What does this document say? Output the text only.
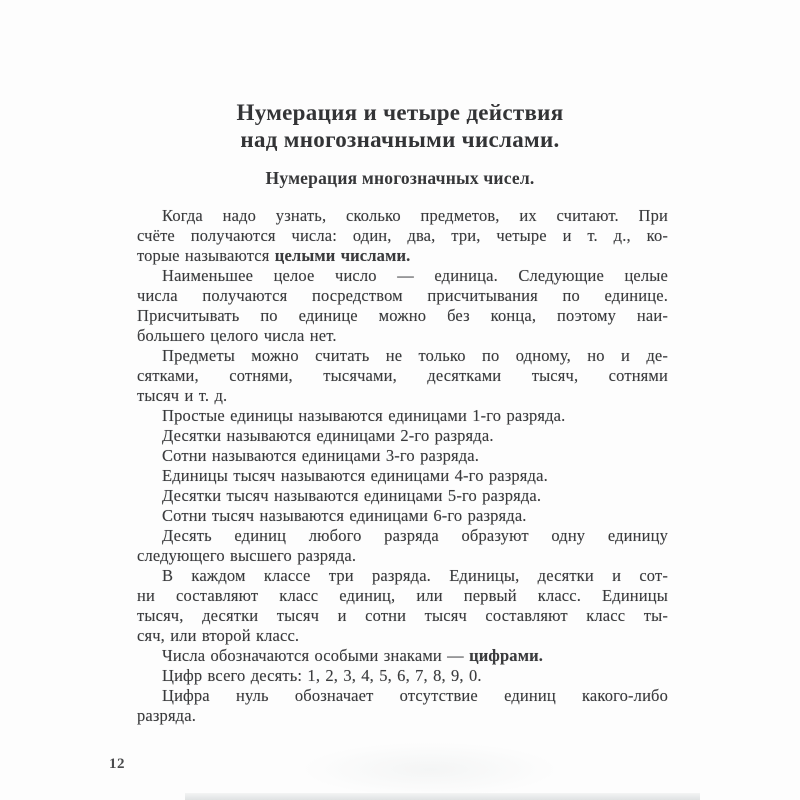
Нумерация и четыре действия
над многозначными числами.
Нумерация многозначных чисел.
Когда надо узнать, сколько предметов, их считают. При
счёте получаются числа: один, два, три, четыре и т. д., ко-
торые называются целыми числами.
Наименьшее целое число — единица. Следующие целые
числа получаются посредством присчитывания по единице.
Присчитывать по единице можно без конца, поэтому наи-
большего целого числа нет.
Предметы можно считать не только по одному, но и де-
сятками, сотнями, тысячами, десятками тысяч, сотнями
тысяч и т. д.
Простые единицы называются единицами 1-го разряда.
Десятки называются единицами 2-го разряда.
Сотни называются единицами 3-го разряда.
Единицы тысяч называются единицами 4-го разряда.
Десятки тысяч называются единицами 5-го разряда.
Сотни тысяч называются единицами 6-го разряда.
Десять единиц любого разряда образуют одну единицу
следующего высшего разряда.
В каждом классе три разряда. Единицы, десятки и сот-
ни составляют класс единиц, или первый класс. Единицы
тысяч, десятки тысяч и сотни тысяч составляют класс ты-
сяч, или второй класс.
Числа обозначаются особыми знаками — цифрами.
Цифр всего десять: 1, 2, 3, 4, 5, 6, 7, 8, 9, 0.
Цифра нуль обозначает отсутствие единиц какого-либо
разряда.
12
